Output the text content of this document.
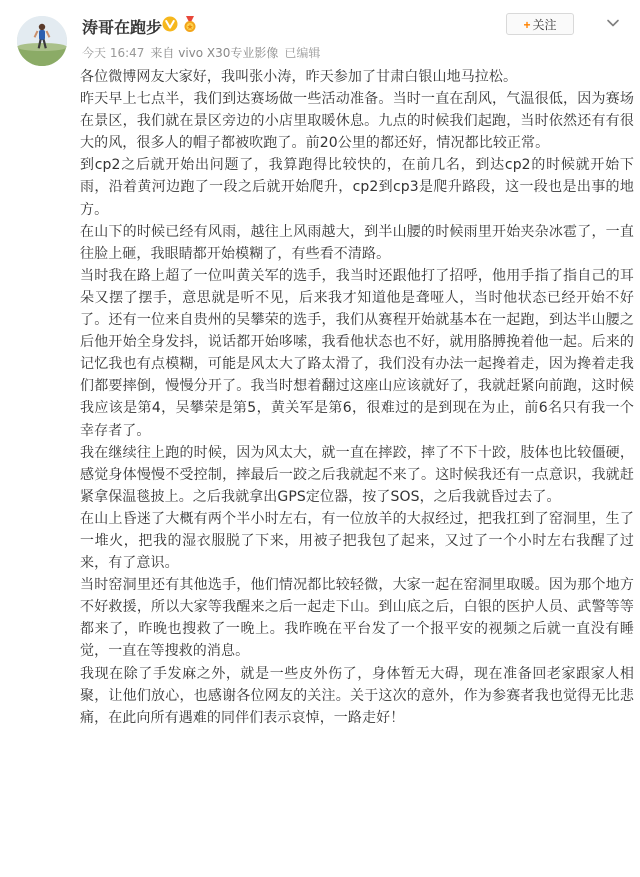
涛哥在跑步	+ 关注
今天 16:47 来自 vivo X30专业影像 已编辑

各位微博网友大家好，我叫张小涛，昨天参加了甘肃白银山地马拉松。

昨天早上七点半，我们到达赛场做一些活动准备。当时一直在刮风，气温很低，因为赛场在景区，我们就在景区旁边的小店里取暖休息。九点的时候我们起跑，当时依然还有有很大的风，很多人的帽子都被吹跑了。前20公里的都还好，情况都比较正常。

到cp2之后就开始出问题了，我算跑得比较快的，在前几名，到达cp2的时候就开始下雨，沿着黄河边跑了一段之后就开始爬升，cp2到cp3是爬升路段，这一段也是出事的地方。

在山下的时候已经有风雨，越往上风雨越大，到半山腰的时候雨里开始夹杂冰雹了，一直往脸上砸，我眼睛都开始模糊了，有些看不清路。

当时我在路上超了一位叫黄关军的选手，我当时还跟他打了招呼，他用手指了指自己的耳朵又摆了摆手，意思就是听不见，后来我才知道他是聋哑人，当时他状态已经开始不好了。还有一位来自贵州的吴攀荣的选手，我们从赛程开始就基本在一起跑，到达半山腰之后他开始全身发抖，说话都开始哆嗦，我看他状态也不好，就用胳膊挽着他一起。后来的记忆我也有点模糊，可能是风太大了路太滑了，我们没有办法一起搀着走，因为搀着走我们都要摔倒，慢慢分开了。我当时想着翻过这座山应该就好了，我就赶紧向前跑，这时候我应该是第4，吴攀荣是第5，黄关军是第6，很难过的是到现在为止，前6名只有我一个幸存者了。

我在继续往上跑的时候，因为风太大，就一直在摔跤，摔了不下十跤，肢体也比较僵硬，感觉身体慢慢不受控制，摔最后一跤之后我就起不来了。这时候我还有一点意识，我就赶紧拿保温毯披上。之后我就拿出GPS定位器，按了SOS，之后我就昏过去了。

在山上昏迷了大概有两个半小时左右，有一位放羊的大叔经过，把我扛到了窑洞里，生了一堆火，把我的湿衣服脱了下来，用被子把我包了起来，又过了一个小时左右我醒了过来，有了意识。

当时窑洞里还有其他选手，他们情况都比较轻微，大家一起在窑洞里取暖。因为那个地方不好救援，所以大家等我醒来之后一起走下山。到山底之后，白银的医护人员、武警等等都来了，昨晚也搜救了一晚上。我昨晚在平台发了一个报平安的视频之后就一直没有睡觉，一直在等搜救的消息。

我现在除了手发麻之外，就是一些皮外伤了，身体暂无大碍，现在准备回老家跟家人相聚，让他们放心，也感谢各位网友的关注。关于这次的意外，作为参赛者我也觉得无比悲痛，在此向所有遇难的同伴们表示哀悼，一路走好！
